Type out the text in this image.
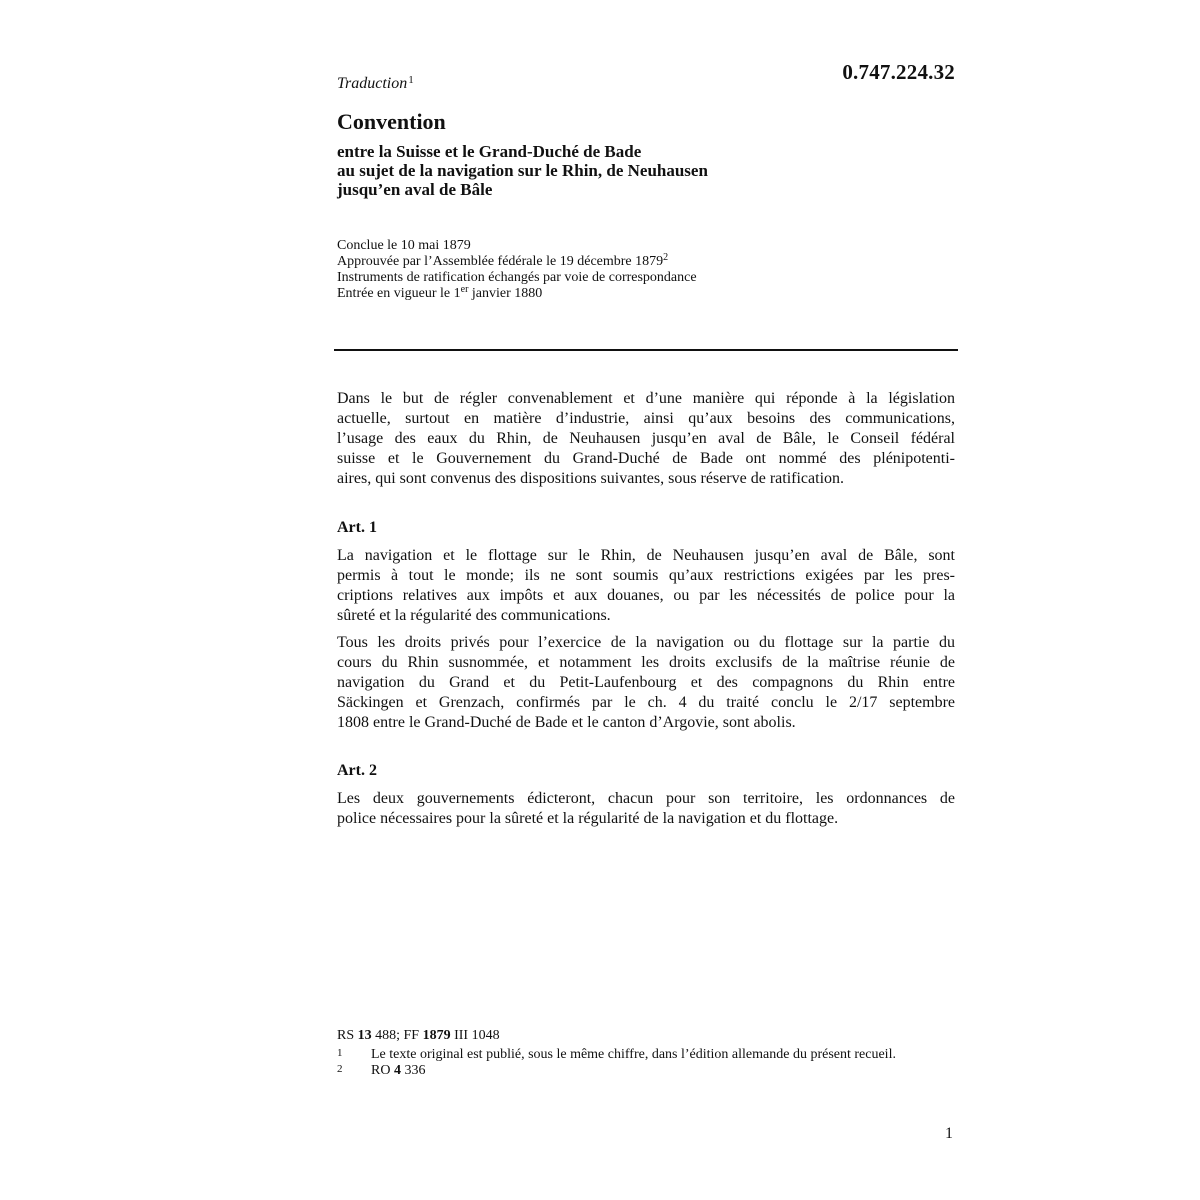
0.747.224.32
Traduction$^1$
Convention
entre la Suisse et le Grand-Duché de Bade
au sujet de la navigation sur le Rhin, de Neuhausen
jusqu’en aval de Bâle
Conclue le 10 mai 1879
Approuvée par l’Assemblée fédérale le 19 décembre 1879$^2$
Instruments de ratification échangés par voie de correspondance
Entrée en vigueur le 1er janvier 1880

Dans le but de régler convenablement et d’une manière qui réponde à la législation
actuelle, surtout en matière d’industrie, ainsi qu’aux besoins des communications,
l’usage des eaux du Rhin, de Neuhausen jusqu’en aval de Bâle, le Conseil fédéral
suisse et le Gouvernement du Grand-Duché de Bade ont nommé des plénipotenti-
aires, qui sont convenus des dispositions suivantes, sous réserve de ratification.

Art. 1

La navigation et le flottage sur le Rhin, de Neuhausen jusqu’en aval de Bâle, sont
permis à tout le monde; ils ne sont soumis qu’aux restrictions exigées par les pres-
criptions relatives aux impôts et aux douanes, ou par les nécessités de police pour la
sûreté et la régularité des communications.

Tous les droits privés pour l’exercice de la navigation ou du flottage sur la partie du
cours du Rhin susnommée, et notamment les droits exclusifs de la maîtrise réunie de
navigation du Grand et du Petit-Laufenbourg et des compagnons du Rhin entre
Säckingen et Grenzach, confirmés par le ch. 4 du traité conclu le 2/17 septembre
1808 entre le Grand-Duché de Bade et le canton d’Argovie, sont abolis.

Art. 2

Les deux gouvernements édicteront, chacun pour son territoire, les ordonnances de
police nécessaires pour la sûreté et la régularité de la navigation et du flottage.

RS 13 488; FF 1879 III 1048
1 Le texte original est publié, sous le même chiffre, dans l’édition allemande du présent recueil.
2 RO 4 336
1
